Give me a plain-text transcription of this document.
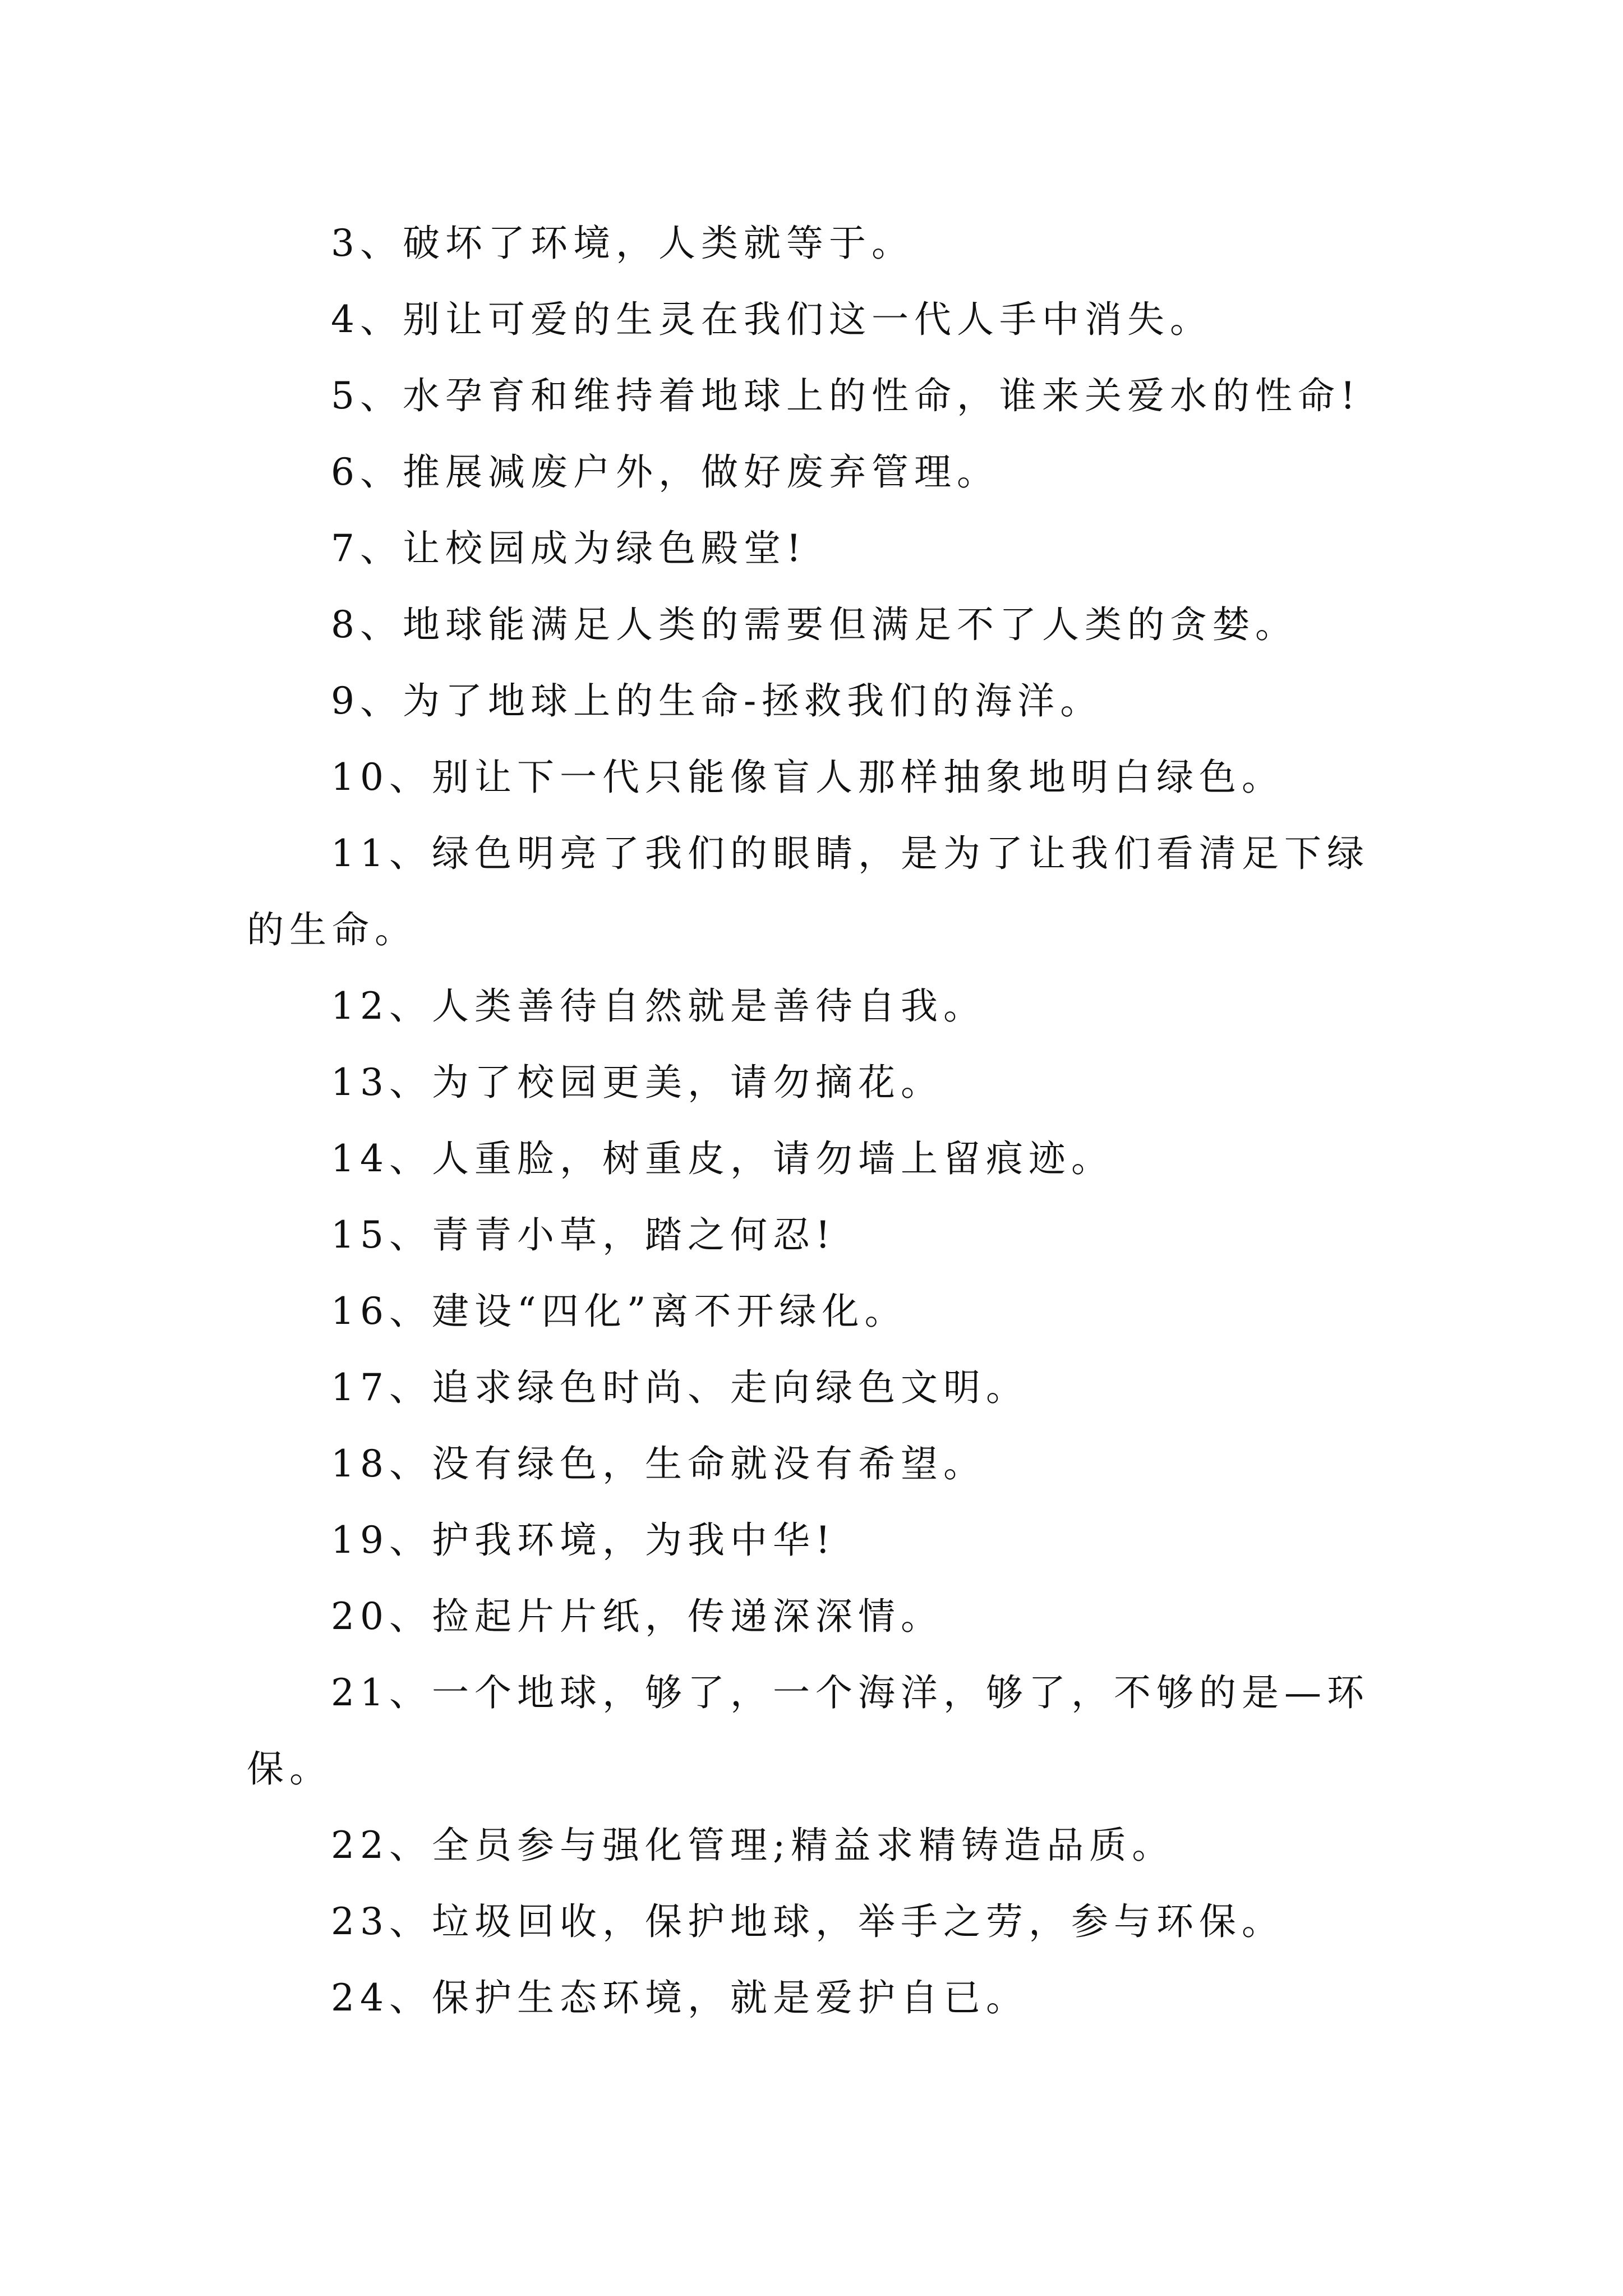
3、破坏了环境，人类就等于。

4、别让可爱的生灵在我们这一代人手中消失。

5、水孕育和维持着地球上的性命，谁来关爱水的性命!

6、推展减废户外，做好废弃管理。

7、让校园成为绿色殿堂!

8、地球能满足人类的需要但满足不了人类的贪婪。

9、为了地球上的生命-拯救我们的海洋。

10、别让下一代只能像盲人那样抽象地明白绿色。

11、绿色明亮了我们的眼睛，是为了让我们看清足下绿的生命。

12、人类善待自然就是善待自我。

13、为了校园更美，请勿摘花。

14、人重脸，树重皮，请勿墙上留痕迹。

15、青青小草，踏之何忍!

16、建设“四化”离不开绿化。

17、追求绿色时尚、走向绿色文明。

18、没有绿色，生命就没有希望。

19、护我环境，为我中华!

20、捡起片片纸，传递深深情。

21、一个地球，够了，一个海洋，够了，不够的是—环保。

22、全员参与强化管理;精益求精铸造品质。

23、垃圾回收，保护地球，举手之劳，参与环保。

24、保护生态环境，就是爱护自已。
